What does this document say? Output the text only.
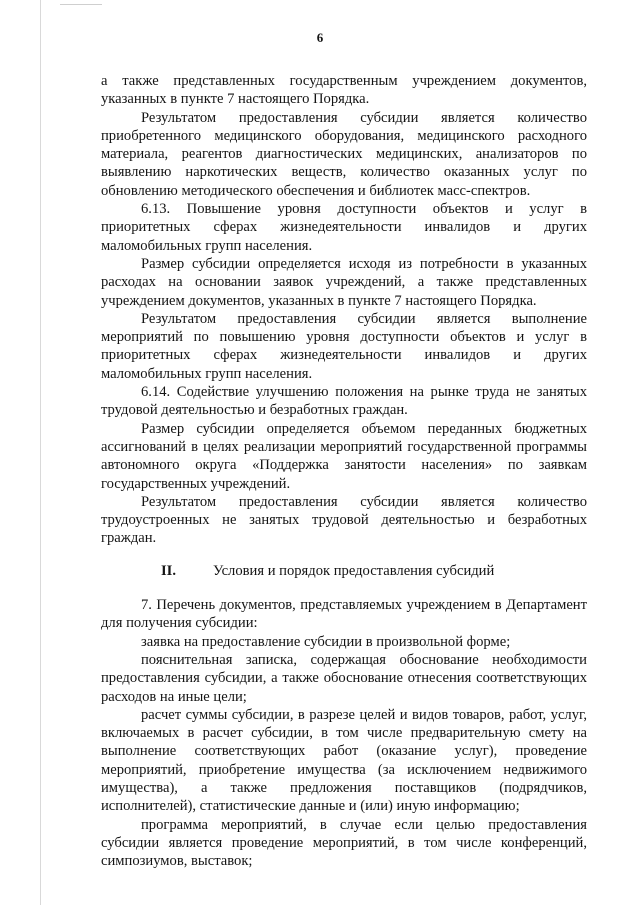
6

а также представленных государственным учреждением документов, указанных в пункте 7 настоящего Порядка.

Результатом предоставления субсидии является количество приобретенного медицинского оборудования, медицинского расходного материала, реагентов диагностических медицинских, анализаторов по выявлению наркотических веществ, количество оказанных услуг по обновлению методического обеспечения и библиотек масс-спектров.

6.13. Повышение уровня доступности объектов и услуг в приоритетных сферах жизнедеятельности инвалидов и других маломобильных групп населения.

Размер субсидии определяется исходя из потребности в указанных расходах на основании заявок учреждений, а также представленных учреждением документов, указанных в пункте 7 настоящего Порядка.

Результатом предоставления субсидии является выполнение мероприятий по повышению уровня доступности объектов и услуг в приоритетных сферах жизнедеятельности инвалидов и других маломобильных групп населения.

6.14. Содействие улучшению положения на рынке труда не занятых трудовой деятельностью и безработных граждан.

Размер субсидии определяется объемом переданных бюджетных ассигнований в целях реализации мероприятий государственной программы автономного округа «Поддержка занятости населения» по заявкам государственных учреждений.

Результатом предоставления субсидии является количество трудоустроенных не занятых трудовой деятельностью и безработных граждан.

II.	Условия и порядок предоставления субсидий

7. Перечень документов, представляемых учреждением в Департамент для получения субсидии:

заявка на предоставление субсидии в произвольной форме;

пояснительная записка, содержащая обоснование необходимости предоставления субсидии, а также обоснование отнесения соответствующих расходов на иные цели;

расчет суммы субсидии, в разрезе целей и видов товаров, работ, услуг, включаемых в расчет субсидии, в том числе предварительную смету на выполнение соответствующих работ (оказание услуг), проведение мероприятий, приобретение имущества (за исключением недвижимого имущества), а также предложения поставщиков (подрядчиков, исполнителей), статистические данные и (или) иную информацию;

программа мероприятий, в случае если целью предоставления субсидии является проведение мероприятий, в том числе конференций, симпозиумов, выставок;
